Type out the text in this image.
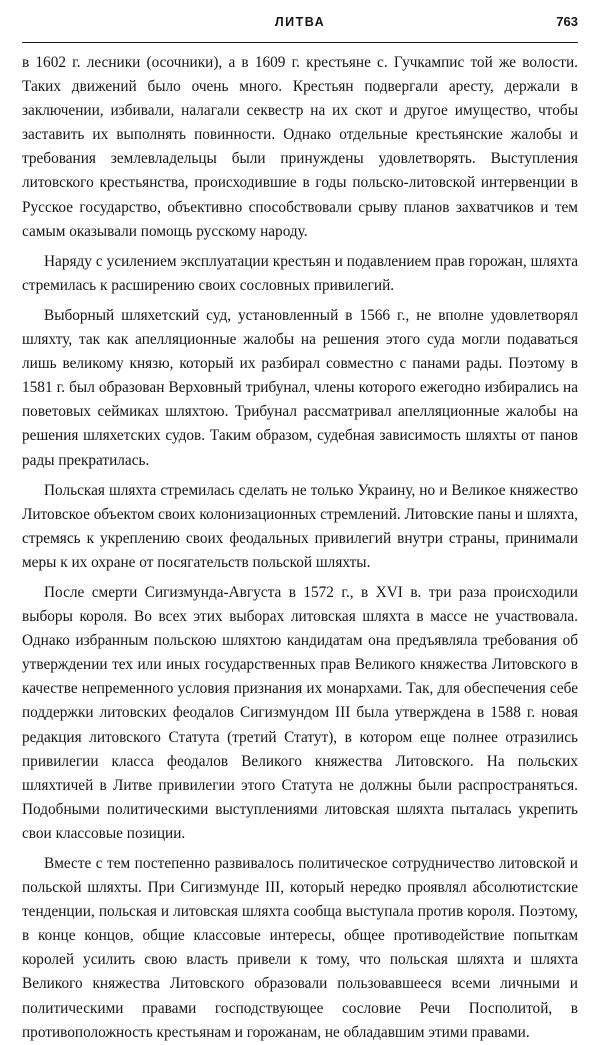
ЛИТВА	763

в 1602 г. лесники (осочники), а в 1609 г. крестьяне с. Гучкампис той же волости. Таких движений было очень много. Крестьян подвергали аресту, держали в заключении, избивали, налагали секвестр на их скот и другое имущество, чтобы заставить их выполнять повинности. Однако отдельные крестьянские жалобы и требования землевладельцы были принуждены удовлетворять. Выступления литовского крестьянства, происходившие в годы польско-литовской интервенции в Русское государство, объективно способствовали срыву планов захватчиков и тем самым оказывали помощь русскому народу.

Наряду с усилением эксплуатации крестьян и подавлением прав горожан, шляхта стремилась к расширению своих сословных привилегий.

Выборный шляхетский суд, установленный в 1566 г., не вполне удовлетворял шляхту, так как апелляционные жалобы на решения этого суда могли подаваться лишь великому князю, который их разбирал совместно с панами рады. Поэтому в 1581 г. был образован Верховный трибунал, члены которого ежегодно избирались на поветовых сеймиках шляхтою. Трибунал рассматривал апелляционные жалобы на решения шляхетских судов. Таким образом, судебная зависимость шляхты от панов рады прекратилась.

Польская шляхта стремилась сделать не только Украину, но и Великое княжество Литовское объектом своих колонизационных стремлений. Литовские паны и шляхта, стремясь к укреплению своих феодальных привилегий внутри страны, принимали меры к их охране от посягательств польской шляхты.

После смерти Сигизмунда-Августа в 1572 г., в XVI в. три раза происходили выборы короля. Во всех этих выборах литовская шляхта в массе не участвовала. Однако избранным польскою шляхтою кандидатам она предъявляла требования об утверждении тех или иных государственных прав Великого княжества Литовского в качестве непременного условия признания их монархами. Так, для обеспечения себе поддержки литовских феодалов Сигизмундом III была утверждена в 1588 г. новая редакция литовского Статута (третий Статут), в котором еще полнее отразились привилегии класса феодалов Великого княжества Литовского. На польских шляхтичей в Литве привилегии этого Статута не должны были распространяться. Подобными политическими выступлениями литовская шляхта пыталась укрепить свои классовые позиции.

Вместе с тем постепенно развивалось политическое сотрудничество литовской и польской шляхты. При Сигизмунде III, который нередко проявлял абсолютистские тенденции, польская и литовская шляхта сообща выступала против короля. Поэтому, в конце концов, общие классовые интересы, общее противодействие попыткам королей усилить свою власть привели к тому, что польская шляхта и шляхта Великого княжества Литовского образовали пользовавшееся всеми личными и политическими правами господствующее сословие Речи Посполитой, в противоположность крестьянам и горожанам, не обладавшим этими правами.
